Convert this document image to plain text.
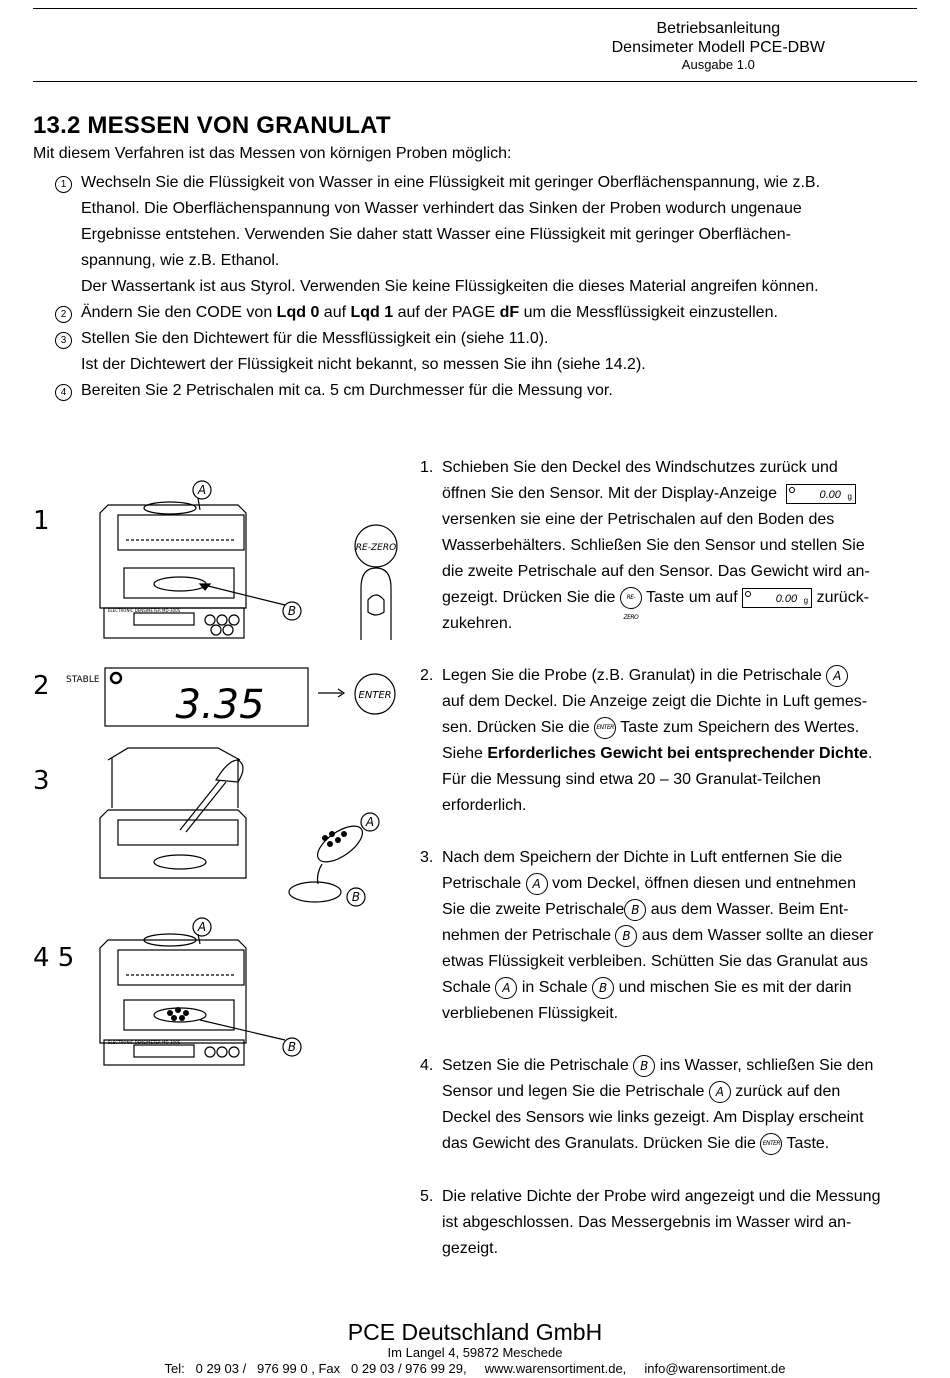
Betriebsanleitung
Densimeter Modell PCE-DBW
Ausgabe 1.0
13.2 MESSEN VON GRANULAT
Mit diesem Verfahren ist das Messen von körnigen Proben möglich:
1 Wechseln Sie die Flüssigkeit von Wasser in eine Flüssigkeit mit geringer Oberflächenspannung, wie z.B.
Ethanol. Die Oberflächenspannung von Wasser verhindert das Sinken der Proben wodurch ungenaue
Ergebnisse entstehen. Verwenden Sie daher statt Wasser eine Flüssigkeit mit geringer Oberflächen-
spannung, wie z.B. Ethanol.
Der Wassertank ist aus Styrol. Verwenden Sie keine Flüssigkeiten die dieses Material angreifen können.
2 Ändern Sie den CODE von Lqd 0 auf Lqd 1 auf der PAGE dF um die Messflüssigkeit einzustellen.
3 Stellen Sie den Dichtewert für die Messflüssigkeit ein (siehe 11.0).
Ist der Dichtewert der Flüssigkeit nicht bekannt, so messen Sie ihn (siehe 14.2).
4 Bereiten Sie 2 Petrischalen mit ca. 5 cm Durchmesser für die Messung vor.
1
2
3
4 5
A
B
A
B
A
B
RE-ZERO
ENTER
STABLE
3.35
ELECTRONIC DENSIMETER MD-300S
ELECTRONIC DENSIMETER MD-300S
1. Schieben Sie den Deckel des Windschutzes zurück und
öffnen Sie den Sensor. Mit der Display-Anzeige	0.00 g
versenken sie eine der Petrischalen auf den Boden des
Wasserbehälters. Schließen Sie den Sensor und stellen Sie
die zweite Petrischale auf den Sensor. Das Gewicht wird an-
gezeigt. Drücken Sie die RE-ZERO Taste um auf	0.00 g zurück-
zukehren.
2. Legen Sie die Probe (z.B. Granulat) in die Petrischale A
auf dem Deckel. Die Anzeige zeigt die Dichte in Luft gemes-
sen. Drücken Sie die ENTER Taste zum Speichern des Wertes.
Siehe Erforderliches Gewicht bei entsprechender Dichte.
Für die Messung sind etwa 20 – 30 Granulat-Teilchen
erforderlich.
3. Nach dem Speichern der Dichte in Luft entfernen Sie die
Petrischale A vom Deckel, öffnen diesen und entnehmen
Sie die zweite Petrischale B aus dem Wasser. Beim Ent-
nehmen der Petrischale B aus dem Wasser sollte an dieser
etwas Flüssigkeit verbleiben. Schütten Sie das Granulat aus
Schale A in Schale B und mischen Sie es mit der darin
verbliebenen Flüssigkeit.
4. Setzen Sie die Petrischale B ins Wasser, schließen Sie den
Sensor und legen Sie die Petrischale A zurück auf den
Deckel des Sensors wie links gezeigt. Am Display erscheint
das Gewicht des Granulats. Drücken Sie die ENTER Taste.
5. Die relative Dichte der Probe wird angezeigt und die Messung
ist abgeschlossen. Das Messergebnis im Wasser wird an-
gezeigt.
PCE Deutschland GmbH
Im Langel 4, 59872 Meschede
Tel:   0 29 03 /   976 99 0 , Fax   0 29 03 / 976 99 29,     www.warensortiment.de,     info@warensortiment.de
